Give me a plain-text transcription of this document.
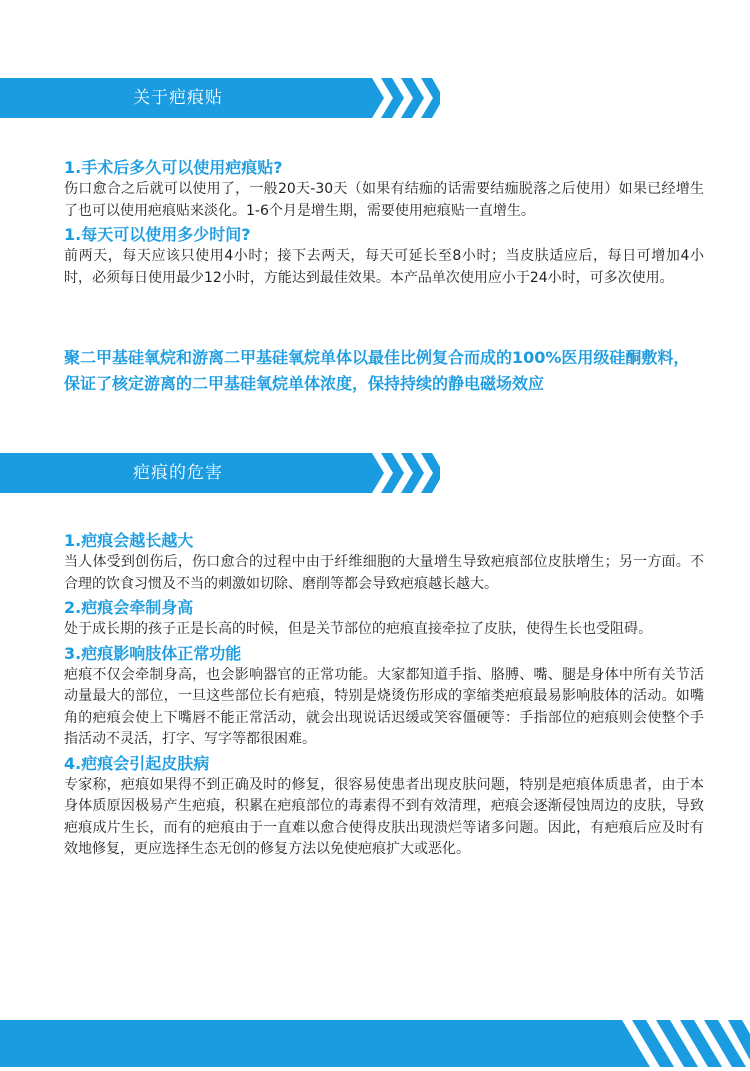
关于疤痕贴

1.手术后多久可以使用疤痕贴?

伤口愈合之后就可以使用了，一般20天-30天（如果有结痂的话需要结痂脱落之后使用）如果已经增生了也可以使用疤痕贴来淡化。1-6个月是增生期，需要使用疤痕贴一直增生。

1.每天可以使用多少时间?

前两天，每天应该只使用4小时；接下去两天，每天可延长至8小时；当皮肤适应后，每日可增加4小时，必须每日使用最少12小时，方能达到最佳效果。本产品单次使用应小于24小时，可多次使用。

聚二甲基硅氧烷和游离二甲基硅氧烷单体以最佳比例复合而成的100%医用级硅酮敷料，保证了核定游离的二甲基硅氧烷单体浓度，保持持续的静电磁场效应

疤痕的危害

1.疤痕会越长越大

当人体受到创伤后，伤口愈合的过程中由于纤维细胞的大量增生导致疤痕部位皮肤增生；另一方面。不合理的饮食习惯及不当的刺激如切除、磨削等都会导致疤痕越长越大。

2.疤痕会牵制身高

处于成长期的孩子正是长高的时候，但是关节部位的疤痕直接牵拉了皮肤，使得生长也受阻碍。

3.疤痕影响肢体正常功能

疤痕不仅会牵制身高，也会影响器官的正常功能。大家都知道手指、胳膊、嘴、腿是身体中所有关节活动量最大的部位，一旦这些部位长有疤痕，特别是烧烫伤形成的挛缩类疤痕最易影响肢体的活动。如嘴角的疤痕会使上下嘴唇不能正常活动，就会出现说话迟缓或笑容僵硬等：手指部位的疤痕则会使整个手指活动不灵活，打字、写字等都很困难。

4.疤痕会引起皮肤病

专家称，疤痕如果得不到正确及时的修复，很容易使患者出现皮肤问题，特别是疤痕体质患者，由于本身体质原因极易产生疤痕，积累在疤痕部位的毒素得不到有效清理，疤痕会逐渐侵蚀周边的皮肤，导致疤痕成片生长，而有的疤痕由于一直难以愈合使得皮肤出现溃烂等诸多问题。因此，有疤痕后应及时有效地修复，更应选择生态无创的修复方法以免使疤痕扩大或恶化。
